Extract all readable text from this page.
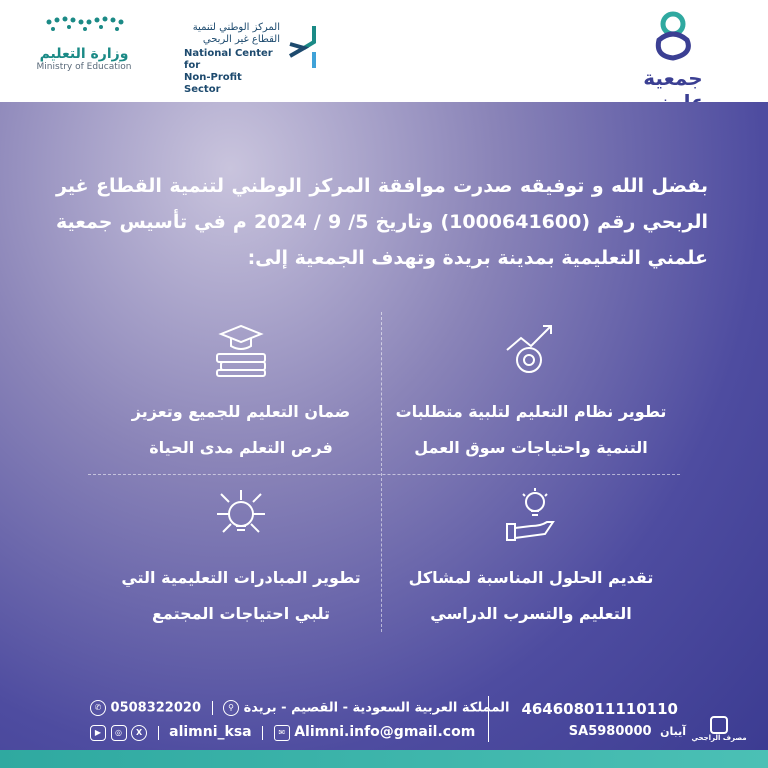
جمعية
المركز الوطني لتنمية
القطاع غير الربحي
National Center for
Non-Profit Sector
وزارة التعليم
Ministry of Education
بفضل الله و توفيقه صدرت موافقة المركز الوطني لتنمية القطاع غير الربحي رقم (1000641600) وتاريخ 5/ 9 / 2024 م في تأسيس جمعية علمني التعليمية بمدينة بريدة وتهدف الجمعية إلى:
تطوير نظام التعليم لتلبية متطلبات
التنمية واحتياجات سوق العمل
ضمان التعليم للجميع وتعزيز
فرص التعلم مدى الحياة
تقديم الحلول المناسبة لمشاكل
التعليم والتسرب الدراسي
تطوير المبادرات التعليمية التي
تلبي احتياجات المجتمع
464608011110110
SA5980000 آيبان مصرف الراجحي
المملكة العربية السعودية - القصيم - بريدة ⚲  0508322020 ✆
▶ ◎ X alimni_ksa	✉ Alimni.info@gmail.com
